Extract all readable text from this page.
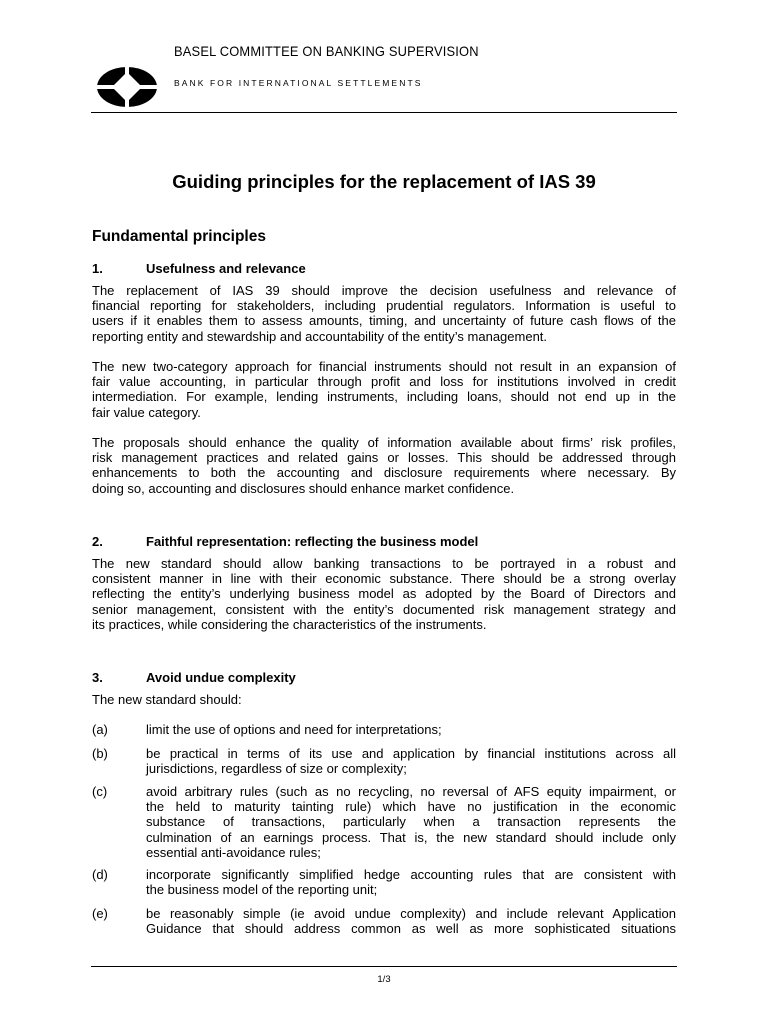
BASEL COMMITTEE ON BANKING SUPERVISION
BANK FOR INTERNATIONAL SETTLEMENTS
Guiding principles for the replacement of IAS 39
Fundamental principles
1.	Usefulness and relevance
The replacement of IAS 39 should improve the decision usefulness and relevance of
financial reporting for stakeholders, including prudential regulators. Information is useful to
users if it enables them to assess amounts, timing, and uncertainty of future cash flows of the
reporting entity and stewardship and accountability of the entity’s management.
The new two-category approach for financial instruments should not result in an expansion of
fair value accounting, in particular through profit and loss for institutions involved in credit
intermediation. For example, lending instruments, including loans, should not end up in the
fair value category.
The proposals should enhance the quality of information available about firms’ risk profiles,
risk management practices and related gains or losses. This should be addressed through
enhancements to both the accounting and disclosure requirements where necessary. By
doing so, accounting and disclosures should enhance market confidence.
2.	Faithful representation: reflecting the business model
The new standard should allow banking transactions to be portrayed in a robust and
consistent manner in line with their economic substance. There should be a strong overlay
reflecting the entity’s underlying business model as adopted by the Board of Directors and
senior management, consistent with the entity’s documented risk management strategy and
its practices, while considering the characteristics of the instruments.
3.	Avoid undue complexity
The new standard should:
(a)	limit the use of options and need for interpretations;
(b)	be practical in terms of its use and application by financial institutions across all
jurisdictions, regardless of size or complexity;
(c)	avoid arbitrary rules (such as no recycling, no reversal of AFS equity impairment, or
the held to maturity tainting rule) which have no justification in the economic
substance of transactions, particularly when a transaction represents the
culmination of an earnings process. That is, the new standard should include only
essential anti-avoidance rules;
(d)	incorporate significantly simplified hedge accounting rules that are consistent with
the business model of the reporting unit;
(e)	be reasonably simple (ie avoid undue complexity) and include relevant Application
Guidance that should address common as well as more sophisticated situations
1/3
